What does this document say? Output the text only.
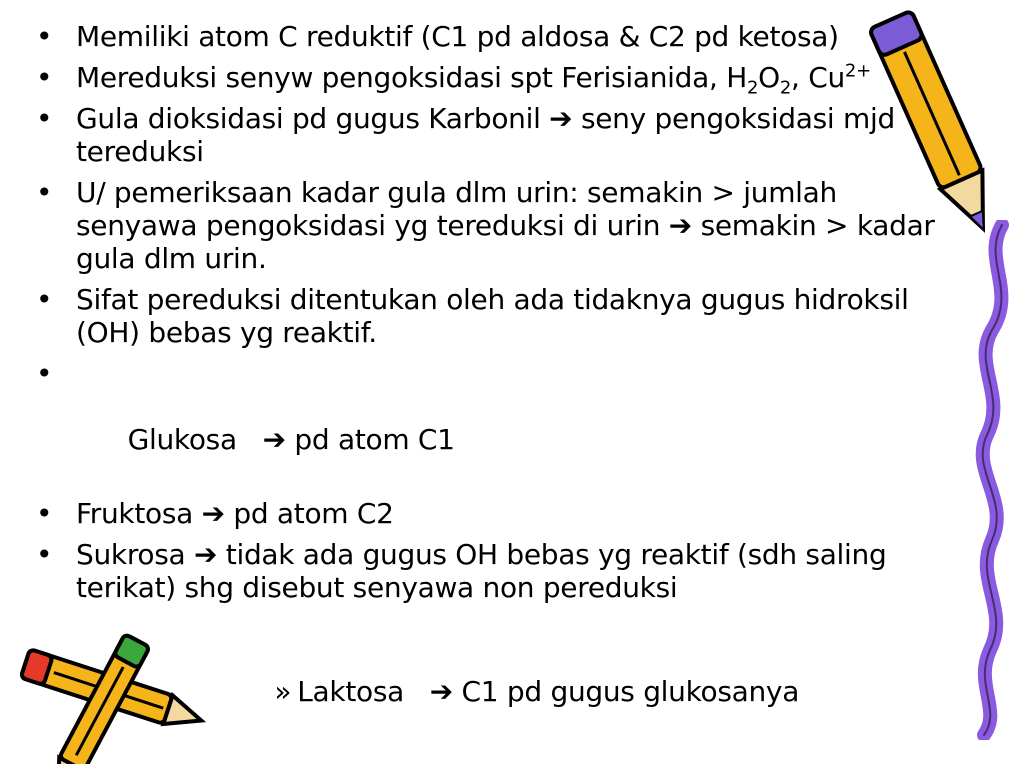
• Memiliki atom C reduktif (C1 pd aldosa & C2 pd ketosa)
• Mereduksi senyw pengoksidasi spt Ferisianida, $H_2O_2$, $Cu^{2+}$
• Gula dioksidasi pd gugus Karbonil ➔ seny pengoksidasi mjd tereduksi
• U/ pemeriksaan kadar gula dlm urin: semakin > jumlah senyawa pengoksidasi yg tereduksi di urin ➔ semakin > kadar gula dlm urin.
• Sifat pereduksi ditentukan oleh ada tidaknya gugus hidroksil (OH) bebas yg reaktif.

•

Glukosa   ➔ pd atom C1

• Fruktosa ➔ pd atom C2
• Sukrosa ➔ tidak ada gugus OH bebas yg reaktif (sdh saling terikat) shg disebut senyawa non pereduksi

» Laktosa   ➔ C1 pd gugus glukosanya
